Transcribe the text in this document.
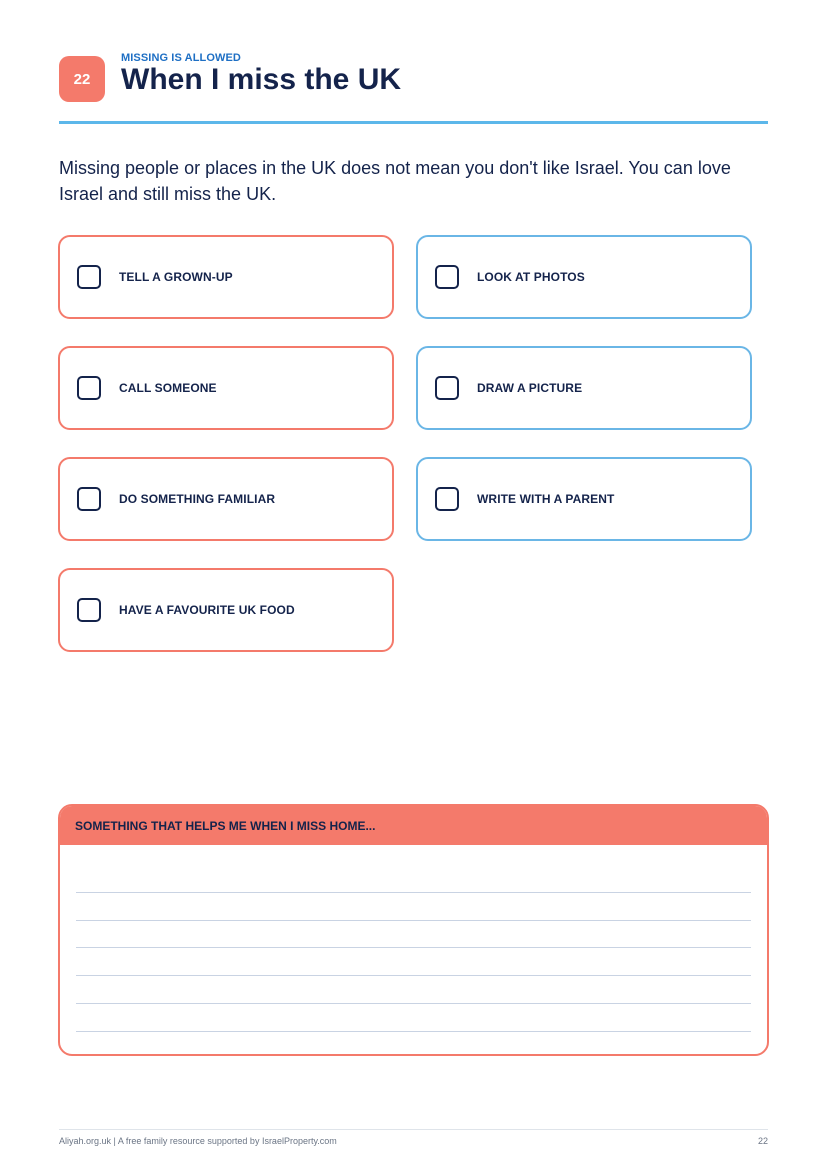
22
MISSING IS ALLOWED
When I miss the UK
Missing people or places in the UK does not mean you don't like Israel. You can love Israel and still miss the UK.
TELL A GROWN-UP	LOOK AT PHOTOS
CALL SOMEONE	DRAW A PICTURE
DO SOMETHING FAMILIAR	WRITE WITH A PARENT
HAVE A FAVOURITE UK FOOD
SOMETHING THAT HELPS ME WHEN I MISS HOME...
Aliyah.org.uk | A free family resource supported by IsraelProperty.com	22
